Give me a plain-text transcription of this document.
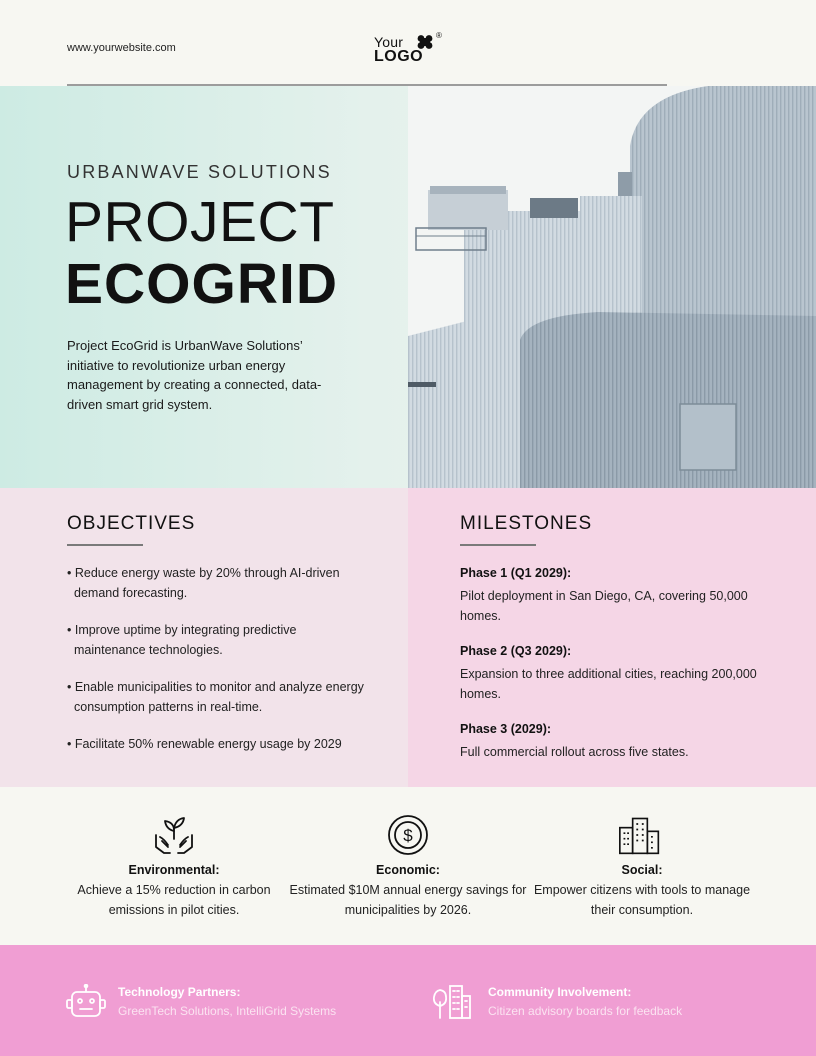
www.yourwebsite.com	Your	®
LOGO
URBANWAVE SOLUTIONS
PROJECT
ECOGRID

Project EcoGrid is UrbanWave Solutions’ initiative to revolutionize urban energy management by creating a connected, data-driven smart grid system.

OBJECTIVES
• Reduce energy waste by 20% through AI-driven demand forecasting.
• Improve uptime by integrating predictive maintenance technologies.
• Enable municipalities to monitor and analyze energy consumption patterns in real-time.
• Facilitate 50% renewable energy usage by 2029
MILESTONES
Phase 1 (Q1 2029):
Pilot deployment in San Diego, CA, covering 50,000 homes.
Phase 2 (Q3 2029):
Expansion to three additional cities, reaching 200,000 homes.
Phase 3 (2029):
Full commercial rollout across five states.
Environmental:
Achieve a 15% reduction in carbon emissions in pilot cities.
$
Economic:
Estimated $10M annual energy savings for municipalities by 2026.
Social:
Empower citizens with tools to manage their consumption.
Technology Partners:
GreenTech Solutions, IntelliGrid Systems
Community Involvement:
Citizen advisory boards for feedback
